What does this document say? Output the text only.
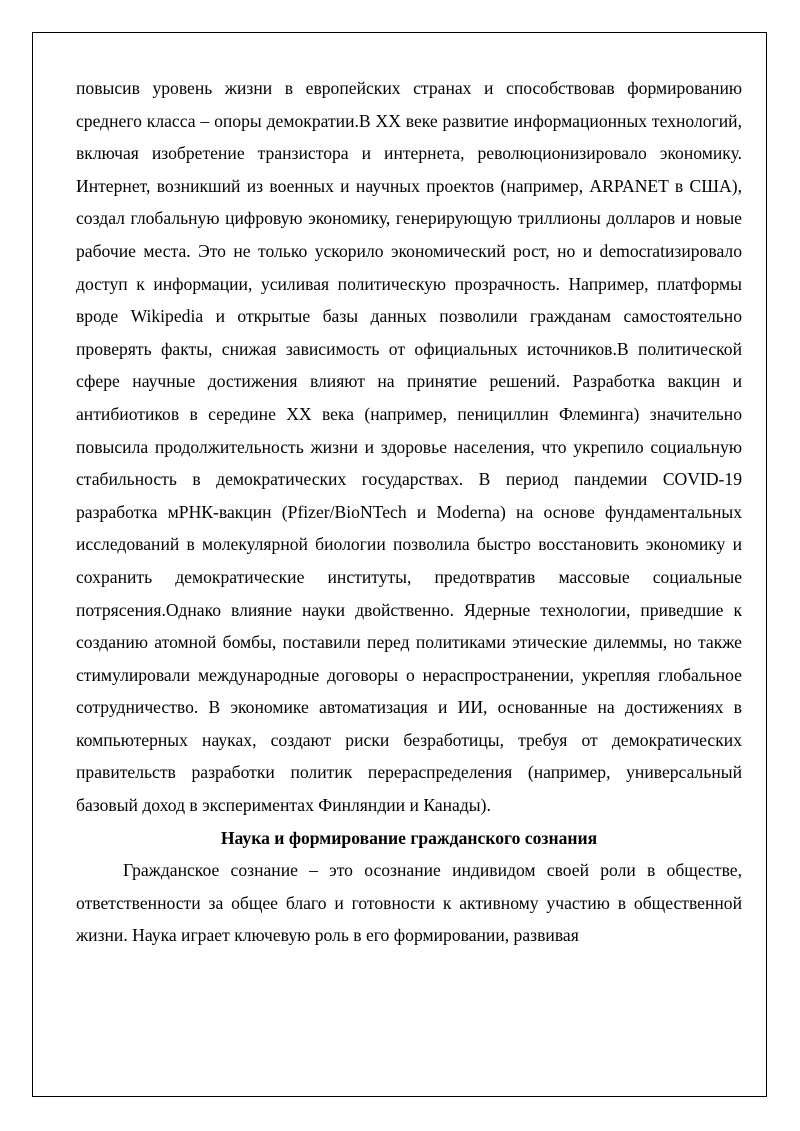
повысив уровень жизни в европейских странах и способствовав формированию среднего класса – опоры демократии.В XX веке развитие информационных технологий, включая изобретение транзистора и интернета, революционизировало экономику. Интернет, возникший из военных и научных проектов (например, ARPANET в США), создал глобальную цифровую экономику, генерирующую триллионы долларов и новые рабочие места. Это не только ускорило экономический рост, но и democratизировало доступ к информации, усиливая политическую прозрачность. Например, платформы вроде Wikipedia и открытые базы данных позволили гражданам самостоятельно проверять факты, снижая зависимость от официальных источников.В политической сфере научные достижения влияют на принятие решений. Разработка вакцин и антибиотиков в середине XX века (например, пенициллин Флеминга) значительно повысила продолжительность жизни и здоровье населения, что укрепило социальную стабильность в демократических государствах. В период пандемии COVID-19 разработка мРНК-вакцин (Pfizer/BioNTech и Moderna) на основе фундаментальных исследований в молекулярной биологии позволила быстро восстановить экономику и сохранить демократические институты, предотвратив массовые социальные потрясения.Однако влияние науки двойственно. Ядерные технологии, приведшие к созданию атомной бомбы, поставили перед политиками этические дилеммы, но также стимулировали международные договоры о нераспространении, укрепляя глобальное сотрудничество. В экономике автоматизация и ИИ, основанные на достижениях в компьютерных науках, создают риски безработицы, требуя от демократических правительств разработки политик перераспределения (например, универсальный базовый доход в экспериментах Финляндии и Канады).

Наука и формирование гражданского сознания

Гражданское сознание – это осознание индивидом своей роли в обществе, ответственности за общее благо и готовности к активному участию в общественной жизни. Наука играет ключевую роль в его формировании, развивая
